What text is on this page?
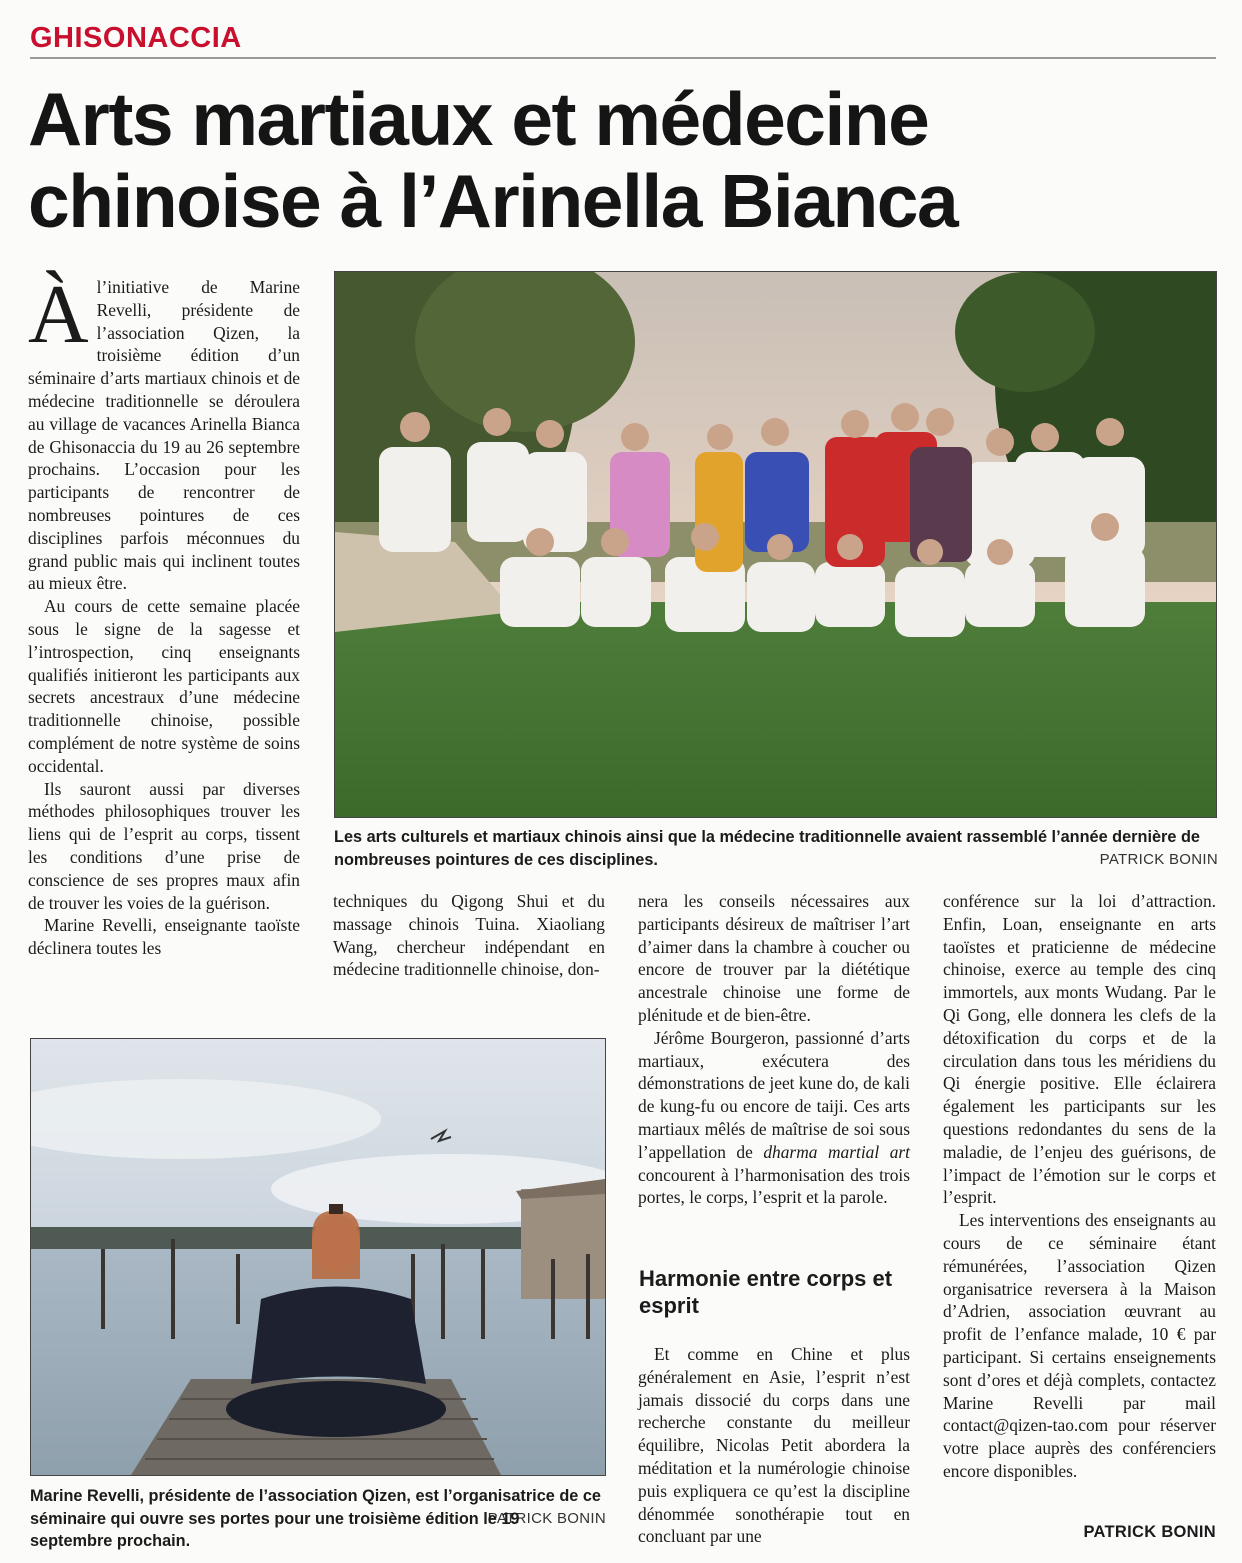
GHISONACCIA
Arts martiaux et médecine
chinoise à l’Arinella Bianca

Àl’initiative de Marine Revelli, présidente de l’association Qizen, la troisième édition d’un séminaire d’arts martiaux chinois et de médecine traditionnelle se déroulera au village de vacances Arinella Bianca de Ghisonaccia du 19 au 26 septembre prochains. L’occasion pour les participants de rencontrer de nombreuses pointures de ces disciplines parfois méconnues du grand public mais qui inclinent toutes au mieux être.

Au cours de cette semaine placée sous le signe de la sagesse et l’introspection, cinq enseignants qualifiés initieront les participants aux secrets ancestraux d’une médecine traditionnelle chinoise, possible complément de notre système de soins occidental.

Ils sauront aussi par diverses méthodes philosophiques trouver les liens qui de l’esprit au corps, tissent les conditions d’une prise de conscience de ses propres maux afin de trouver les voies de la guérison.

Marine Revelli, enseignante taoïste déclinera toutes les

Les arts culturels et martiaux chinois ainsi que la médecine traditionnelle avaient rassemblé l’année dernière de nombreuses pointures de ces disciplines.	PATRICK BONIN

techniques du Qigong Shui et du massage chinois Tuina. Xiaoliang Wang, chercheur indépendant en médecine traditionnelle chinoise, don-

nera les conseils nécessaires aux participants désireux de maîtriser l’art d’aimer dans la chambre à coucher ou encore de trouver par la diététique ancestrale chinoise une forme de plénitude et de bien-être.

Jérôme Bourgeron, passionné d’arts martiaux, exécutera des démonstrations de jeet kune do, de kali de kung-fu ou encore de taiji. Ces arts martiaux mêlés de maîtrise de soi sous l’appellation de dharma martial art concourent à l’harmonisation des trois portes, le corps, l’esprit et la parole.

Harmonie entre corps et esprit

Et comme en Chine et plus généralement en Asie, l’esprit n’est jamais dissocié du corps dans une recherche constante du meilleur équilibre, Nicolas Petit abordera la méditation et la numérologie chinoise puis expliquera ce qu’est la discipline dénommée sonothérapie tout en concluant par une

conférence sur la loi d’attraction. Enfin, Loan, enseignante en arts taoïstes et praticienne de médecine chinoise, exerce au temple des cinq immortels, aux monts Wudang. Par le Qi Gong, elle donnera les clefs de la détoxification du corps et de la circulation dans tous les méridiens du Qi énergie positive. Elle éclairera également les participants sur les questions redondantes du sens de la maladie, de l’enjeu des guérisons, de l’impact de l’émotion sur le corps et l’esprit.

Les interventions des enseignants au cours de ce séminaire étant rémunérées, l’association Qizen organisatrice reversera à la Maison d’Adrien, association œuvrant au profit de l’enfance malade, 10 € par participant. Si certains enseignements sont d’ores et déjà complets, contactez Marine Revelli par mail contact@qizen-tao.com pour réserver votre place auprès des conférenciers encore disponibles.

Marine Revelli, présidente de l’association Qizen, est l’organisatrice de ce séminaire qui ouvre ses portes pour une troisième édition le 19 septembre prochain.
PATRICK BONIN
PATRICK BONIN
